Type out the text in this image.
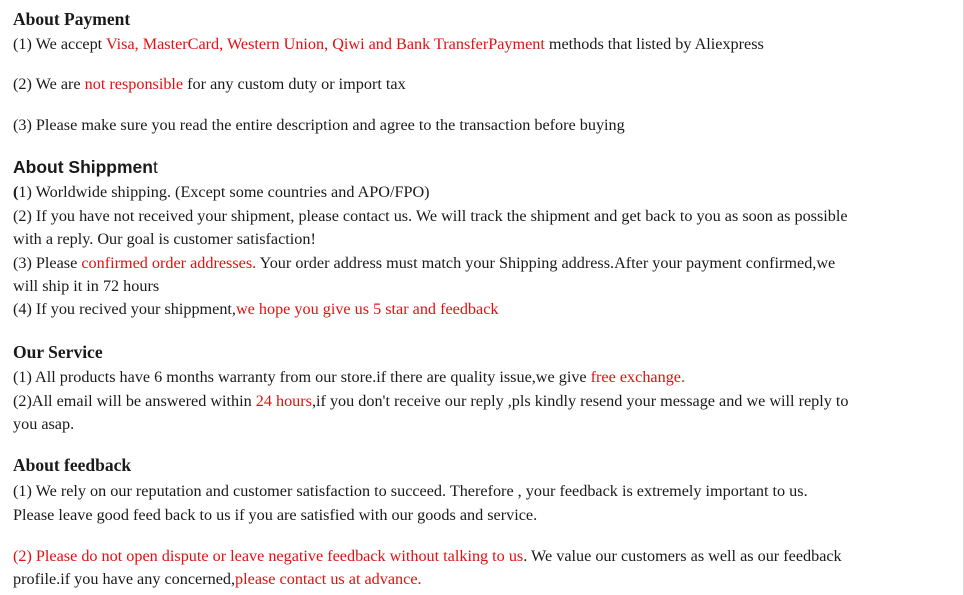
About Payment
(1) We accept Visa, MasterCard, Western Union, Qiwi and Bank TransferPayment methods that listed by Aliexpress
(2) We are not responsible for any custom duty or import tax
(3) Please make sure you read the entire description and agree to the transaction before buying
About Shippment
(1) Worldwide shipping. (Except some countries and APO/FPO)
(2) If you have not received your shipment, please contact us. We will track the shipment and get back to you as soon as possible
with a reply. Our goal is customer satisfaction!
(3) Please confirmed order addresses. Your order address must match your Shipping address.After your payment confirmed,we
will ship it in 72 hours
(4) If you recived your shippment,we hope you give us 5 star and feedback
Our Service
(1) All products have 6 months warranty from our store.if there are quality issue,we give free exchange.
(2)All email will be answered within 24 hours,if you don't receive our reply ,pls kindly resend your message and we will reply to
you asap.
About feedback
(1) We rely on our reputation and customer satisfaction to succeed. Therefore , your feedback is extremely important to us.
Please leave good feed back to us if you are satisfied with our goods and service.
(2) Please do not open dispute or leave negative feedback without talking to us. We value our customers as well as our feedback
profile.if you have any concerned,please contact us at advance.
